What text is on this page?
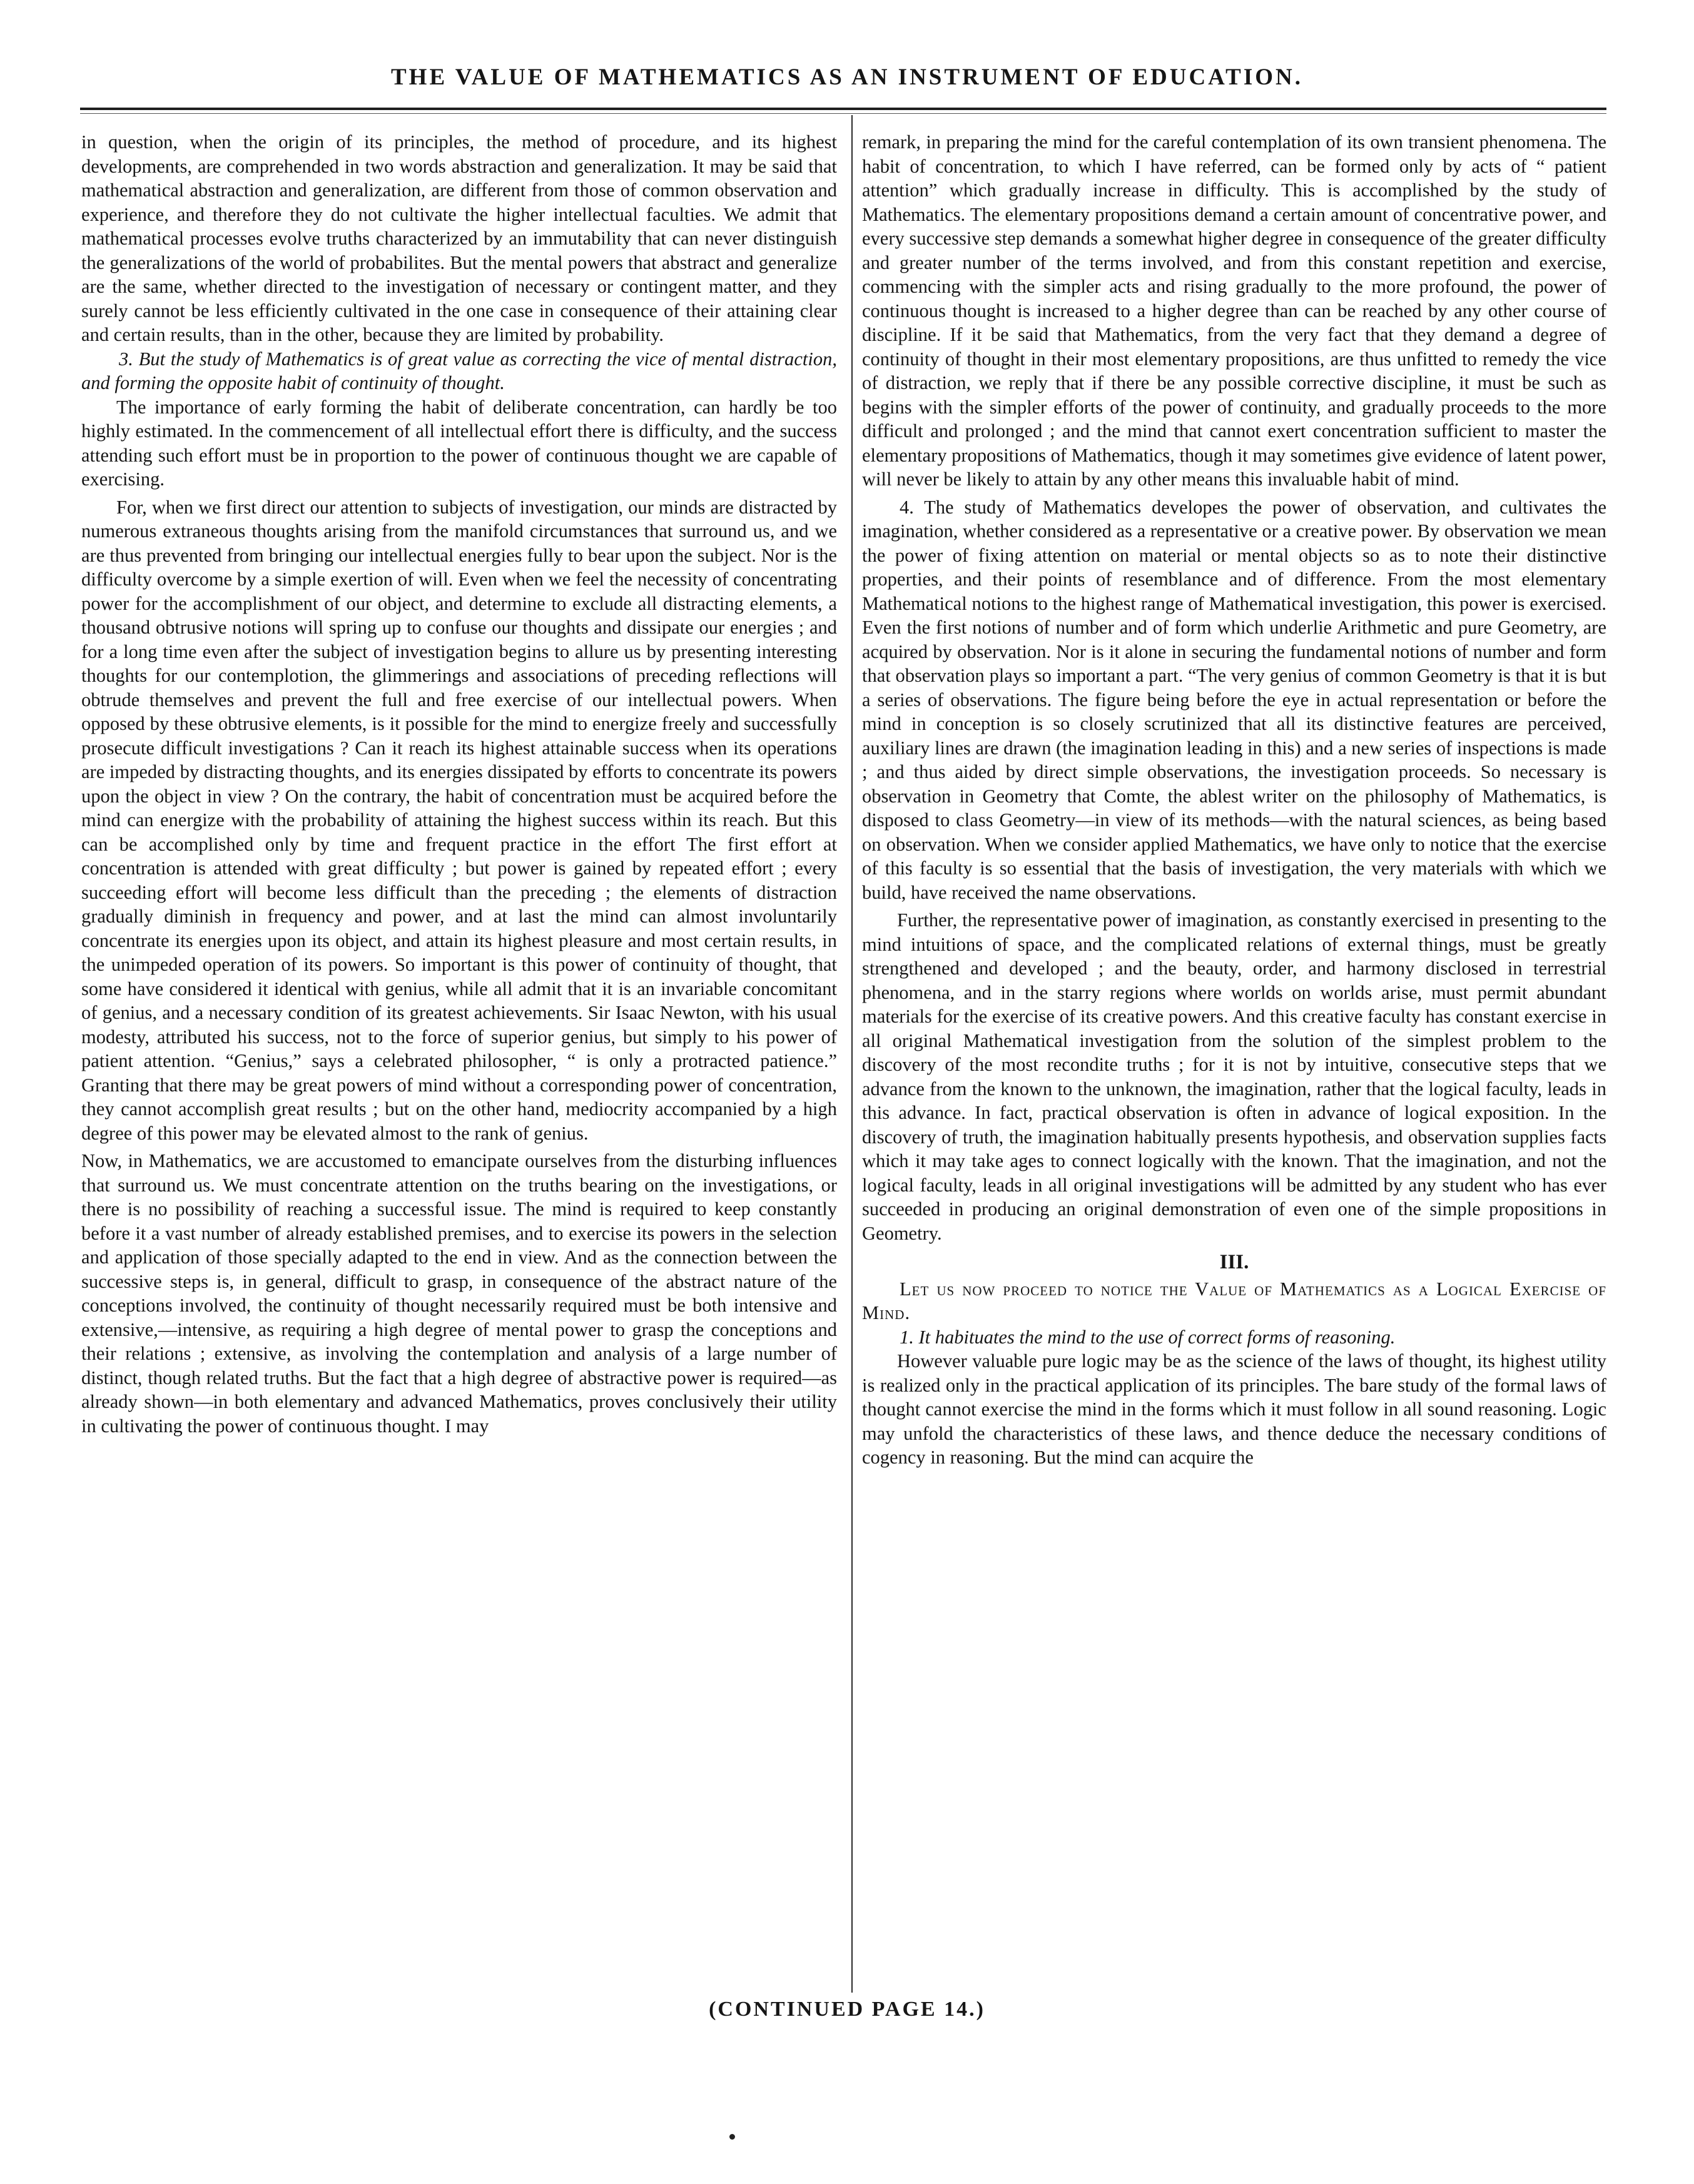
THE VALUE OF MATHEMATICS AS AN INSTRUMENT OF EDUCATION.

in question, when the origin of its principles, the method of procedure, and its highest developments, are comprehended in two words abstraction and generalization. It may be said that mathematical abstraction and generalization, are different from those of common observation and experience, and therefore they do not cultivate the higher intellectual faculties. We admit that mathematical processes evolve truths characterized by an immutability that can never distinguish the generalizations of the world of probabilites. But the mental powers that abstract and generalize are the same, whether directed to the investigation of necessary or contingent matter, and they surely cannot be less efficiently cultivated in the one case in consequence of their attaining clear and certain results, than in the other, because they are limited by probability.

3. But the study of Mathematics is of great value as correcting the vice of mental distraction, and forming the opposite habit of continuity of thought.

The importance of early forming the habit of deliberate concentration, can hardly be too highly estimated. In the commencement of all intellectual effort there is difficulty, and the success attending such effort must be in proportion to the power of continuous thought we are capable of exercising.

For, when we first direct our attention to subjects of investigation, our minds are distracted by numerous extraneous thoughts arising from the manifold circumstances that surround us, and we are thus prevented from bringing our intellectual energies fully to bear upon the subject. Nor is the difficulty overcome by a simple exertion of will. Even when we feel the necessity of concentrating power for the accomplishment of our object, and determine to exclude all distracting elements, a thousand obtrusive notions will spring up to confuse our thoughts and dissipate our energies ; and for a long time even after the subject of investigation begins to allure us by presenting interesting thoughts for our contemplotion, the glimmerings and associations of preceding reflections will obtrude themselves and prevent the full and free exercise of our intellectual powers. When opposed by these obtrusive elements, is it possible for the mind to energize freely and successfully prosecute difficult investigations ? Can it reach its highest attainable success when its operations are impeded by distracting thoughts, and its energies dissipated by efforts to concentrate its powers upon the object in view ? On the contrary, the habit of concentration must be acquired before the mind can energize with the probability of attaining the highest success within its reach. But this can be accomplished only by time and frequent practice in the effort The first effort at concentration is attended with great difficulty ; but power is gained by repeated effort ; every succeeding effort will become less difficult than the preceding ; the elements of distraction gradually diminish in frequency and power, and at last the mind can almost involuntarily concentrate its energies upon its object, and attain its highest pleasure and most certain results, in the unimpeded operation of its powers. So important is this power of continuity of thought, that some have considered it identical with genius, while all admit that it is an invariable concomitant of genius, and a necessary condition of its greatest achievements. Sir Isaac Newton, with his usual modesty, attributed his success, not to the force of superior genius, but simply to his power of patient attention. “Genius,” says a celebrated philosopher, “ is only a protracted patience.” Granting that there may be great powers of mind without a corresponding power of concentration, they cannot accomplish great results ; but on the other hand, mediocrity accompanied by a high degree of this power may be elevated almost to the rank of genius.

Now, in Mathematics, we are accustomed to emancipate ourselves from the disturbing influences that surround us. We must concentrate attention on the truths bearing on the investigations, or there is no possibility of reaching a successful issue. The mind is required to keep constantly before it a vast number of already established premises, and to exercise its powers in the selection and application of those specially adapted to the end in view. And as the connection between the successive steps is, in general, difficult to grasp, in consequence of the abstract nature of the conceptions involved, the continuity of thought necessarily required must be both intensive and extensive,—intensive, as requiring a high degree of mental power to grasp the conceptions and their relations ; extensive, as involving the contemplation and analysis of a large number of distinct, though related truths. But the fact that a high degree of abstractive power is required—as already shown—in both elementary and advanced Mathematics, proves conclusively their utility in cultivating the power of continuous thought. I may

remark, in preparing the mind for the careful contemplation of its own transient phenomena. The habit of concentration, to which I have referred, can be formed only by acts of “ patient attention” which gradually increase in difficulty. This is accomplished by the study of Mathematics. The elementary propositions demand a certain amount of concentrative power, and every successive step demands a somewhat higher degree in consequence of the greater difficulty and greater number of the terms involved, and from this constant repetition and exercise, commencing with the simpler acts and rising gradually to the more profound, the power of continuous thought is increased to a higher degree than can be reached by any other course of discipline. If it be said that Mathematics, from the very fact that they demand a degree of continuity of thought in their most elementary propositions, are thus unfitted to remedy the vice of distraction, we reply that if there be any possible corrective discipline, it must be such as begins with the simpler efforts of the power of continuity, and gradually proceeds to the more difficult and prolonged ; and the mind that cannot exert concentration sufficient to master the elementary propositions of Mathematics, though it may sometimes give evidence of latent power, will never be likely to attain by any other means this invaluable habit of mind.

4. The study of Mathematics developes the power of observation, and cultivates the imagination, whether considered as a representative or a creative power. By observation we mean the power of fixing attention on material or mental objects so as to note their distinctive properties, and their points of resemblance and of difference. From the most elementary Mathematical notions to the highest range of Mathematical investigation, this power is exercised. Even the first notions of number and of form which underlie Arithmetic and pure Geometry, are acquired by observation. Nor is it alone in securing the fundamental notions of number and form that observation plays so important a part. “The very genius of common Geometry is that it is but a series of observations. The figure being before the eye in actual representation or before the mind in conception is so closely scrutinized that all its distinctive features are perceived, auxiliary lines are drawn (the imagination leading in this) and a new series of inspections is made ; and thus aided by direct simple observations, the investigation proceeds. So necessary is observation in Geometry that Comte, the ablest writer on the philosophy of Mathematics, is disposed to class Geometry—in view of its methods—with the natural sciences, as being based on observation. When we consider applied Mathematics, we have only to notice that the exercise of this faculty is so essential that the basis of investigation, the very materials with which we build, have received the name observations.

Further, the representative power of imagination, as constantly exercised in presenting to the mind intuitions of space, and the complicated relations of external things, must be greatly strengthened and developed ; and the beauty, order, and harmony disclosed in terrestrial phenomena, and in the starry regions where worlds on worlds arise, must permit abundant materials for the exercise of its creative powers. And this creative faculty has constant exercise in all original Mathematical investigation from the solution of the simplest problem to the discovery of the most recondite truths ; for it is not by intuitive, consecutive steps that we advance from the known to the unknown, the imagination, rather that the logical faculty, leads in this advance. In fact, practical observation is often in advance of logical exposition. In the discovery of truth, the imagination habitually presents hypothesis, and observation supplies facts which it may take ages to connect logically with the known. That the imagination, and not the logical faculty, leads in all original investigations will be admitted by any student who has ever succeeded in producing an original demonstration of even one of the simple propositions in Geometry.

III.

Let us now proceed to notice the Value of Mathematics as a Logical Exercise of Mind.

1. It habituates the mind to the use of correct forms of reasoning.

However valuable pure logic may be as the science of the laws of thought, its highest utility is realized only in the practical application of its principles. The bare study of the formal laws of thought cannot exercise the mind in the forms which it must follow in all sound reasoning. Logic may unfold the characteristics of these laws, and thence deduce the necessary conditions of cogency in reasoning. But the mind can acquire the

(CONTINUED PAGE 14.)
